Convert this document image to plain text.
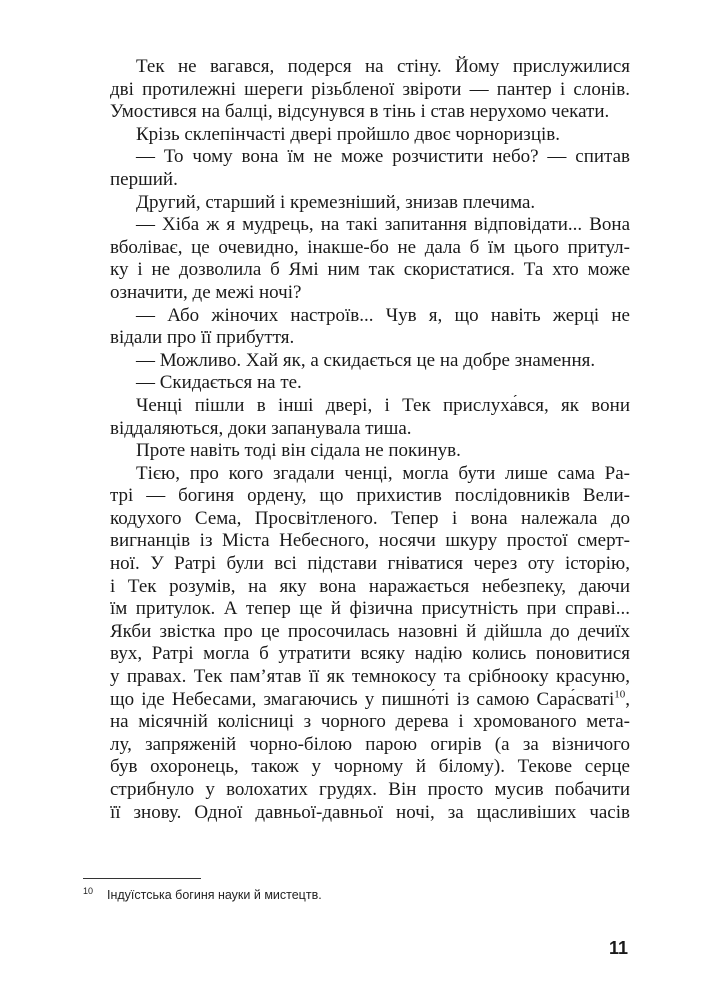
Тек не вагався, подерся на стіну. Йому прислужилися
дві протилежні шереги різьбленої звіроти — пантер і слонів.
Умостився на балці, відсунувся в тінь і став нерухомо чекати.
Крізь склепінчасті двері пройшло двоє чорноризців.
— То чому вона їм не може розчистити небо? — спитав
перший.
Другий, старший і кремезніший, знизав плечима.
— Хіба ж я мудрець, на такі запитання відповідати... Вона
вболіває, це очевидно, інакше-бо не дала б їм цього притул-
ку і не дозволила б Ямі ним так скористатися. Та хто може
означити, де межі ночі?
— Або жіночих настроїв... Чув я, що навіть жерці не
відали про її прибуття.
— Можливо. Хай як, а скидається це на добре знамення.
— Скидається на те.
Ченці пішли в інші двері, і Тек прислуха́вся, як вони
віддаляються, доки запанувала тиша.
Проте навіть тоді він сідала не покинув.
Тією, про кого згадали ченці, могла бути лише сама Ра-
трі — богиня ордену, що прихистив послідовників Вели-
кодухого Сема, Просвітленого. Тепер і вона належала до
вигнанців із Міста Небесного, носячи шкуру простої смерт-
ної. У Ратрі були всі підстави гніватися через оту історію,
і Тек розумів, на яку вона наражається небезпеку, даючи
їм притулок. А тепер ще й фізична присутність при справі...
Якби звістка про це просочилась назовні й дійшла до дечиїх
вух, Ратрі могла б утратити всяку надію колись поновитися
у правах. Тек пам’ятав її як темнокосу та срібнооку красуню,
що іде Небесами, змагаючись у пишно́ті із самою Сара́сваті$^{10}$,
на місячній колісниці з чорного дерева і хромованого мета-
лу, запряженій чорно-білою парою огирів (а за візничого
був охоронець, також у чорному й білому). Текове серце
стрибнуло у волохатих грудях. Він просто мусив побачити
її знову. Одної давньої-давньої ночі, за щасливіших часів
$^{10}$ Індуїстська богиня науки й мистецтв.
11
